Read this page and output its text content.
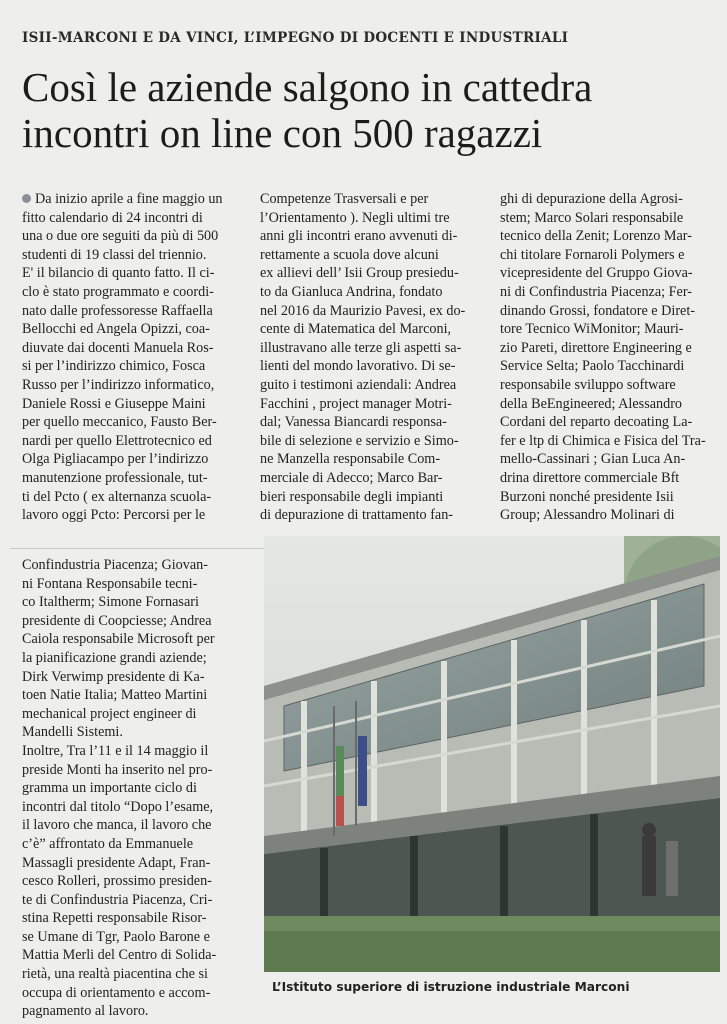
ISII-MARCONI E DA VINCI, L’IMPEGNO DI DOCENTI E INDUSTRIALI
Così le aziende salgono in cattedra
incontri on line con 500 ragazzi
Da inizio aprile a fine maggio un
fitto calendario di 24 incontri di
una o due ore seguiti da più di 500
studenti di 19 classi del triennio.
E' il bilancio di quanto fatto. Il ci-
clo è stato programmato e coordi-
nato dalle professoresse Raffaella
Bellocchi ed Angela Opizzi, coa-
diuvate dai docenti Manuela Ros-
si per l’indirizzo chimico, Fosca
Russo per l’indirizzo informatico,
Daniele Rossi e Giuseppe Maini
per quello meccanico, Fausto Ber-
nardi per quello Elettrotecnico ed
Olga Pigliacampo per l’indirizzo
manutenzione professionale, tut-
ti del Pcto ( ex alternanza scuola-
lavoro oggi Pcto: Percorsi per le
Competenze Trasversali e per
l’Orientamento ). Negli ultimi tre
anni gli incontri erano avvenuti di-
rettamente a scuola dove alcuni
ex allievi dell’ Isii Group presiedu-
to da Gianluca Andrina, fondato
nel 2016 da Maurizio Pavesi, ex do-
cente di Matematica del Marconi,
illustravano alle terze gli aspetti sa-
lienti del mondo lavorativo. Di se-
guito i testimoni aziendali: Andrea
Facchini , project manager Motri-
dal; Vanessa Biancardi responsa-
bile di selezione e servizio e Simo-
ne Manzella responsabile Com-
merciale di Adecco; Marco Bar-
bieri responsabile degli impianti
di depurazione di trattamento fan-
ghi di depurazione della Agrosi-
stem; Marco Solari responsabile
tecnico della Zenit; Lorenzo Mar-
chi titolare Fornaroli Polymers e
vicepresidente del Gruppo Giova-
ni di Confindustria Piacenza; Fer-
dinando Grossi, fondatore e Diret-
tore Tecnico WiMonitor; Mauri-
zio Pareti, direttore Engineering e
Service Selta; Paolo Tacchinardi
responsabile sviluppo software
della BeEngineered; Alessandro
Cordani del reparto decoating La-
fer e ltp di Chimica e Fisica del Tra-
mello-Cassinari ; Gian Luca An-
drina direttore commerciale Bft
Burzoni nonché presidente Isii
Group; Alessandro Molinari di
Confindustria Piacenza; Giovan-
ni Fontana Responsabile tecni-
co Italtherm; Simone Fornasari
presidente di Coopciesse; Andrea
Caiola responsabile Microsoft per
la pianificazione grandi aziende;
Dirk Verwimp presidente di Ka-
toen Natie Italia; Matteo Martini
mechanical project engineer di
Mandelli Sistemi.
Inoltre, Tra l’11 e il 14 maggio il
preside Monti ha inserito nel pro-
gramma un importante ciclo di
incontri dal titolo “Dopo l’esame,
il lavoro che manca, il lavoro che
c’è” affrontato da Emmanuele
Massagli presidente Adapt, Fran-
cesco Rolleri, prossimo presiden-
te di Confindustria Piacenza, Cri-
stina Repetti responsabile Risor-
se Umane di Tgr, Paolo Barone e
Mattia Merli del Centro di Solida-
rietà, una realtà piacentina che si
occupa di orientamento e accom-
pagnamento al lavoro.
L’Istituto superiore di istruzione industriale Marconi
